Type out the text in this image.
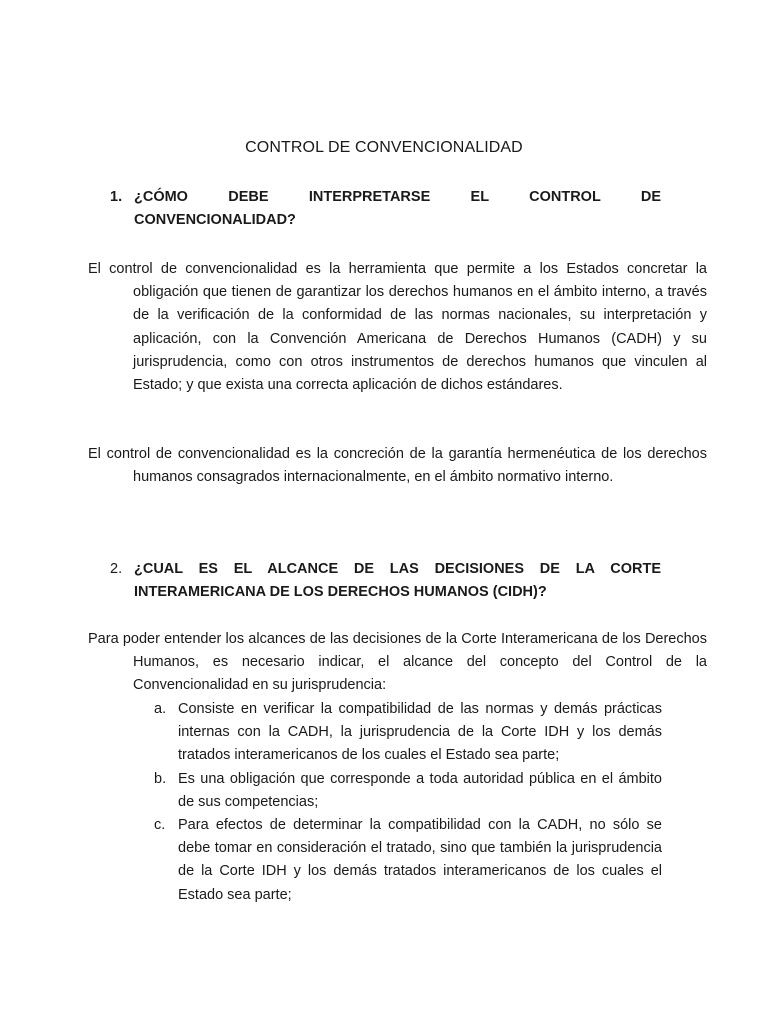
CONTROL DE CONVENCIONALIDAD
1. ¿CÓMO DEBE INTERPRETARSE EL CONTROL DE
CONVENCIONALIDAD?

El control de convencionalidad es la herramienta que permite a los Estados concretar la obligación que tienen de garantizar los derechos humanos en el ámbito interno, a través de la verificación de la conformidad de las normas nacionales, su interpretación y aplicación, con la Convención Americana de Derechos Humanos (CADH) y su jurisprudencia, como con otros instrumentos de derechos humanos que vinculen al Estado; y que exista una correcta aplicación de dichos estándares.

El control de convencionalidad es la concreción de la garantía hermenéutica de los derechos humanos consagrados internacionalmente, en el ámbito normativo interno.

2. ¿CUAL ES EL ALCANCE DE LAS DECISIONES DE LA CORTE
INTERAMERICANA DE LOS DERECHOS HUMANOS (CIDH)?

Para poder entender los alcances de las decisiones de la Corte Interamericana de los Derechos Humanos, es necesario indicar, el alcance del concepto del Control de la Convencionalidad en su jurisprudencia:

a. Consiste en verificar la compatibilidad de las normas y demás prácticas internas con la CADH, la jurisprudencia de la Corte IDH y los demás tratados interamericanos de los cuales el Estado sea parte;
b. Es una obligación que corresponde a toda autoridad pública en el ámbito de sus competencias;
c. Para efectos de determinar la compatibilidad con la CADH, no sólo se debe tomar en consideración el tratado, sino que también la jurisprudencia de la Corte IDH y los demás tratados interamericanos de los cuales el Estado sea parte;
